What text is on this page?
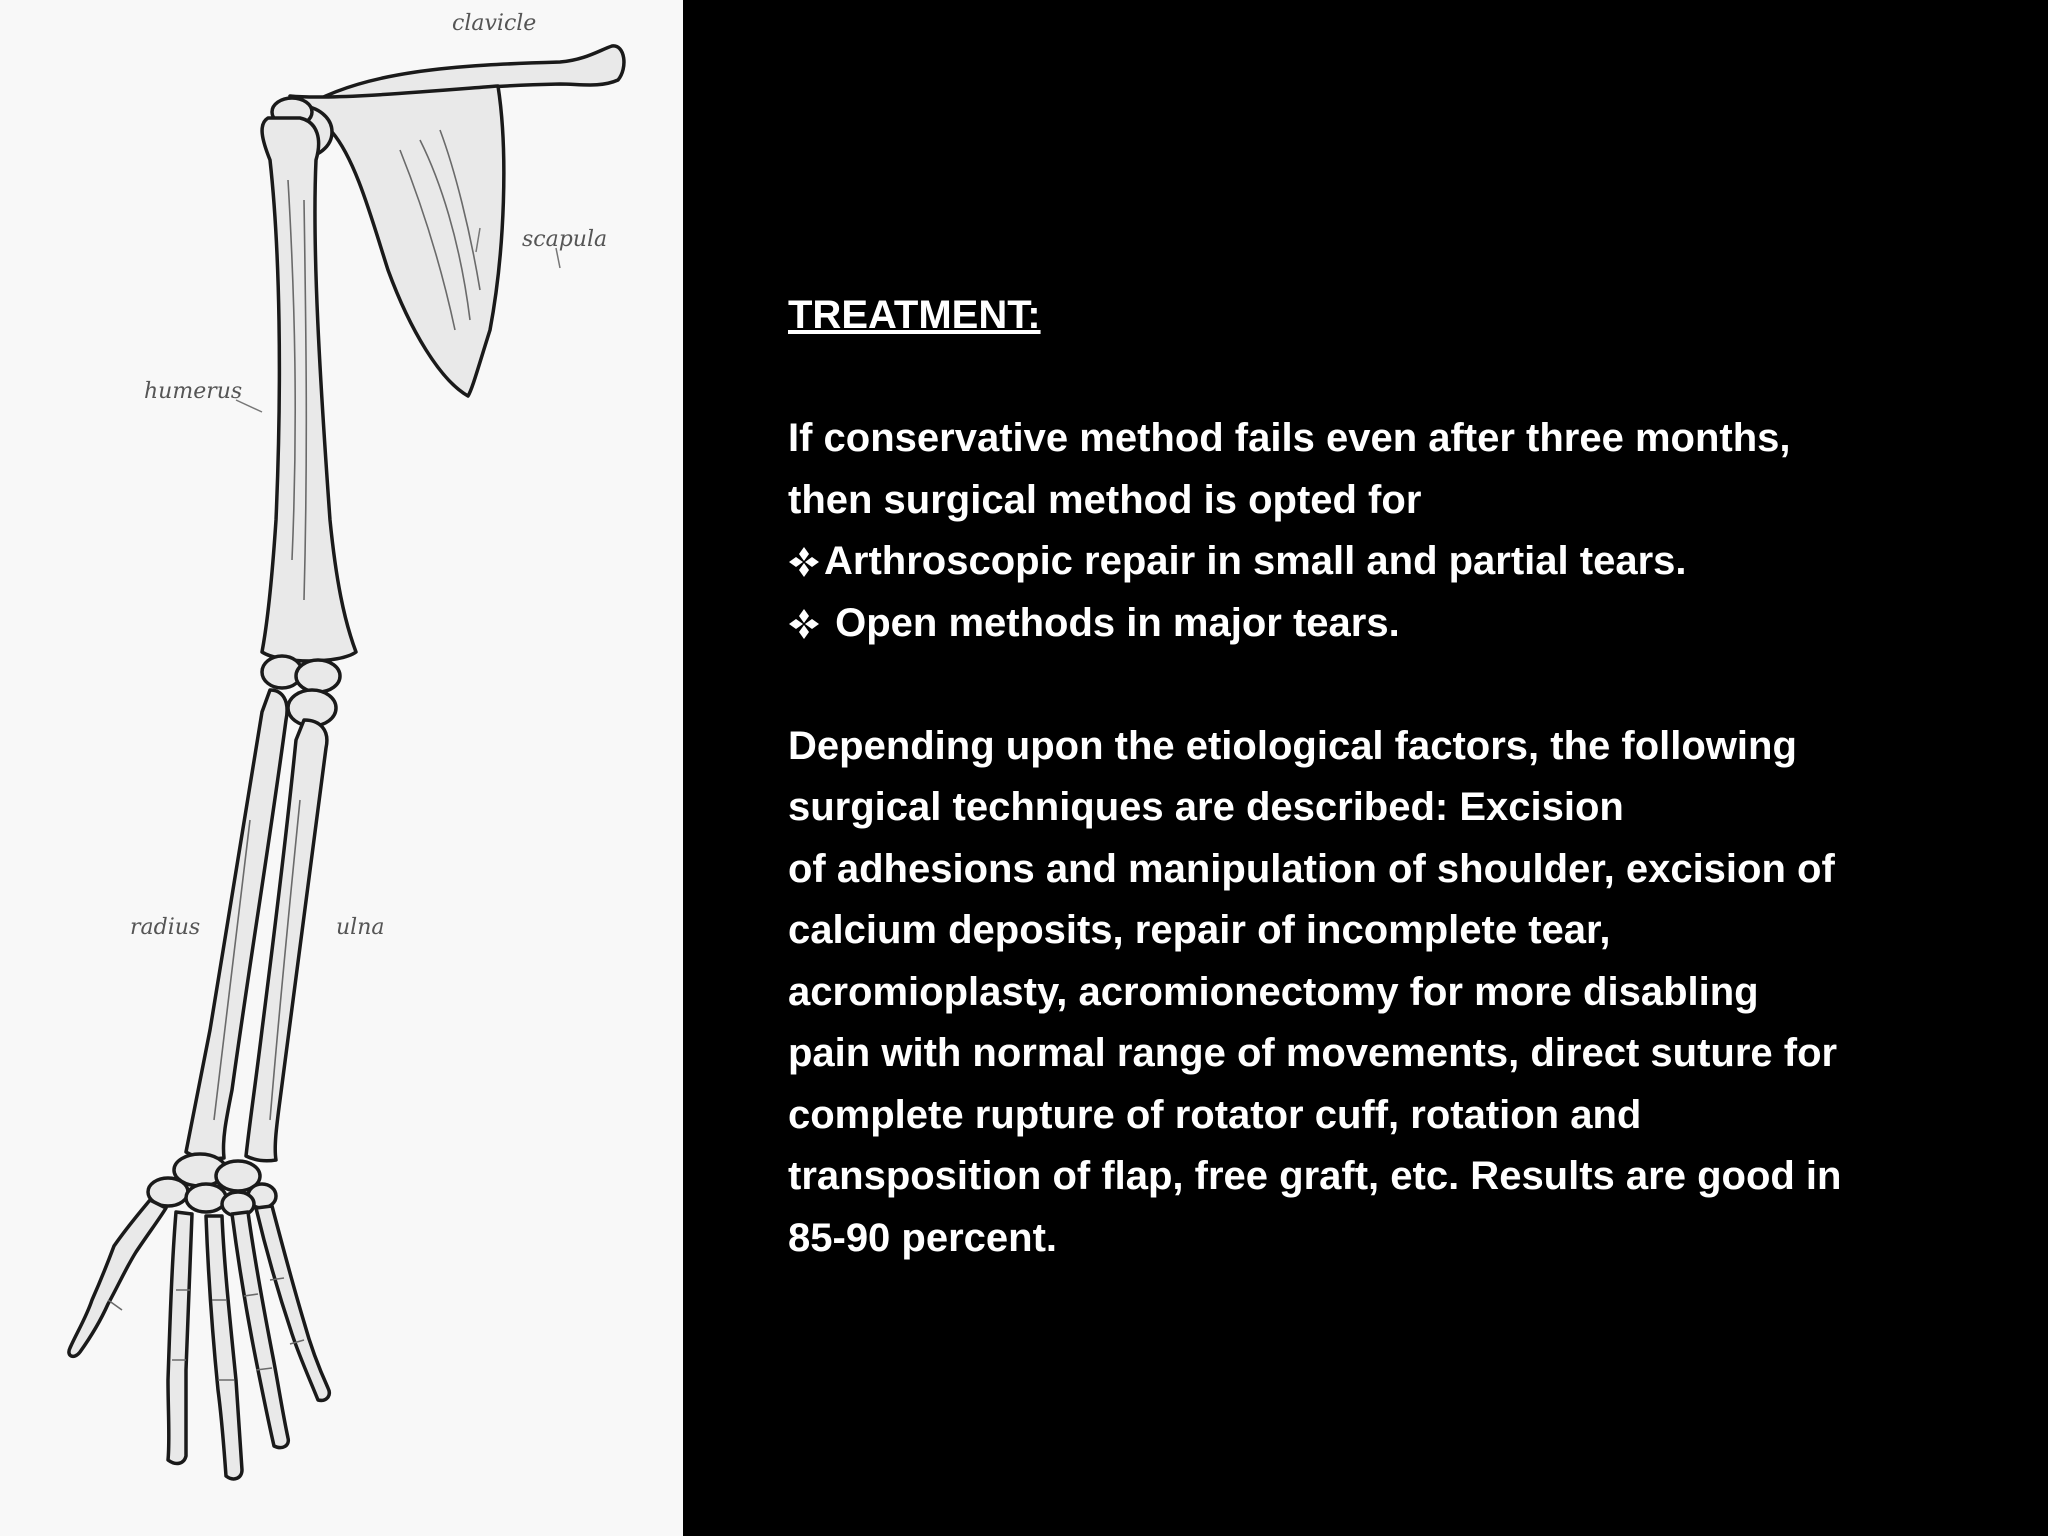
clavicle
scapula
humerus
radius	ulna
TREATMENT:
If conservative method fails even after three months,
then surgical method is opted for
Arthroscopic repair in small and partial tears.
Open methods in major tears.
Depending upon the etiological factors, the following
surgical techniques are described: Excision
of adhesions and manipulation of shoulder, excision of
calcium deposits, repair of incomplete tear,
acromioplasty, acromionectomy for more disabling
pain with normal range of movements, direct suture for
complete rupture of rotator cuff, rotation and
transposition of flap, free graft, etc. Results are good in
85-90 percent.
